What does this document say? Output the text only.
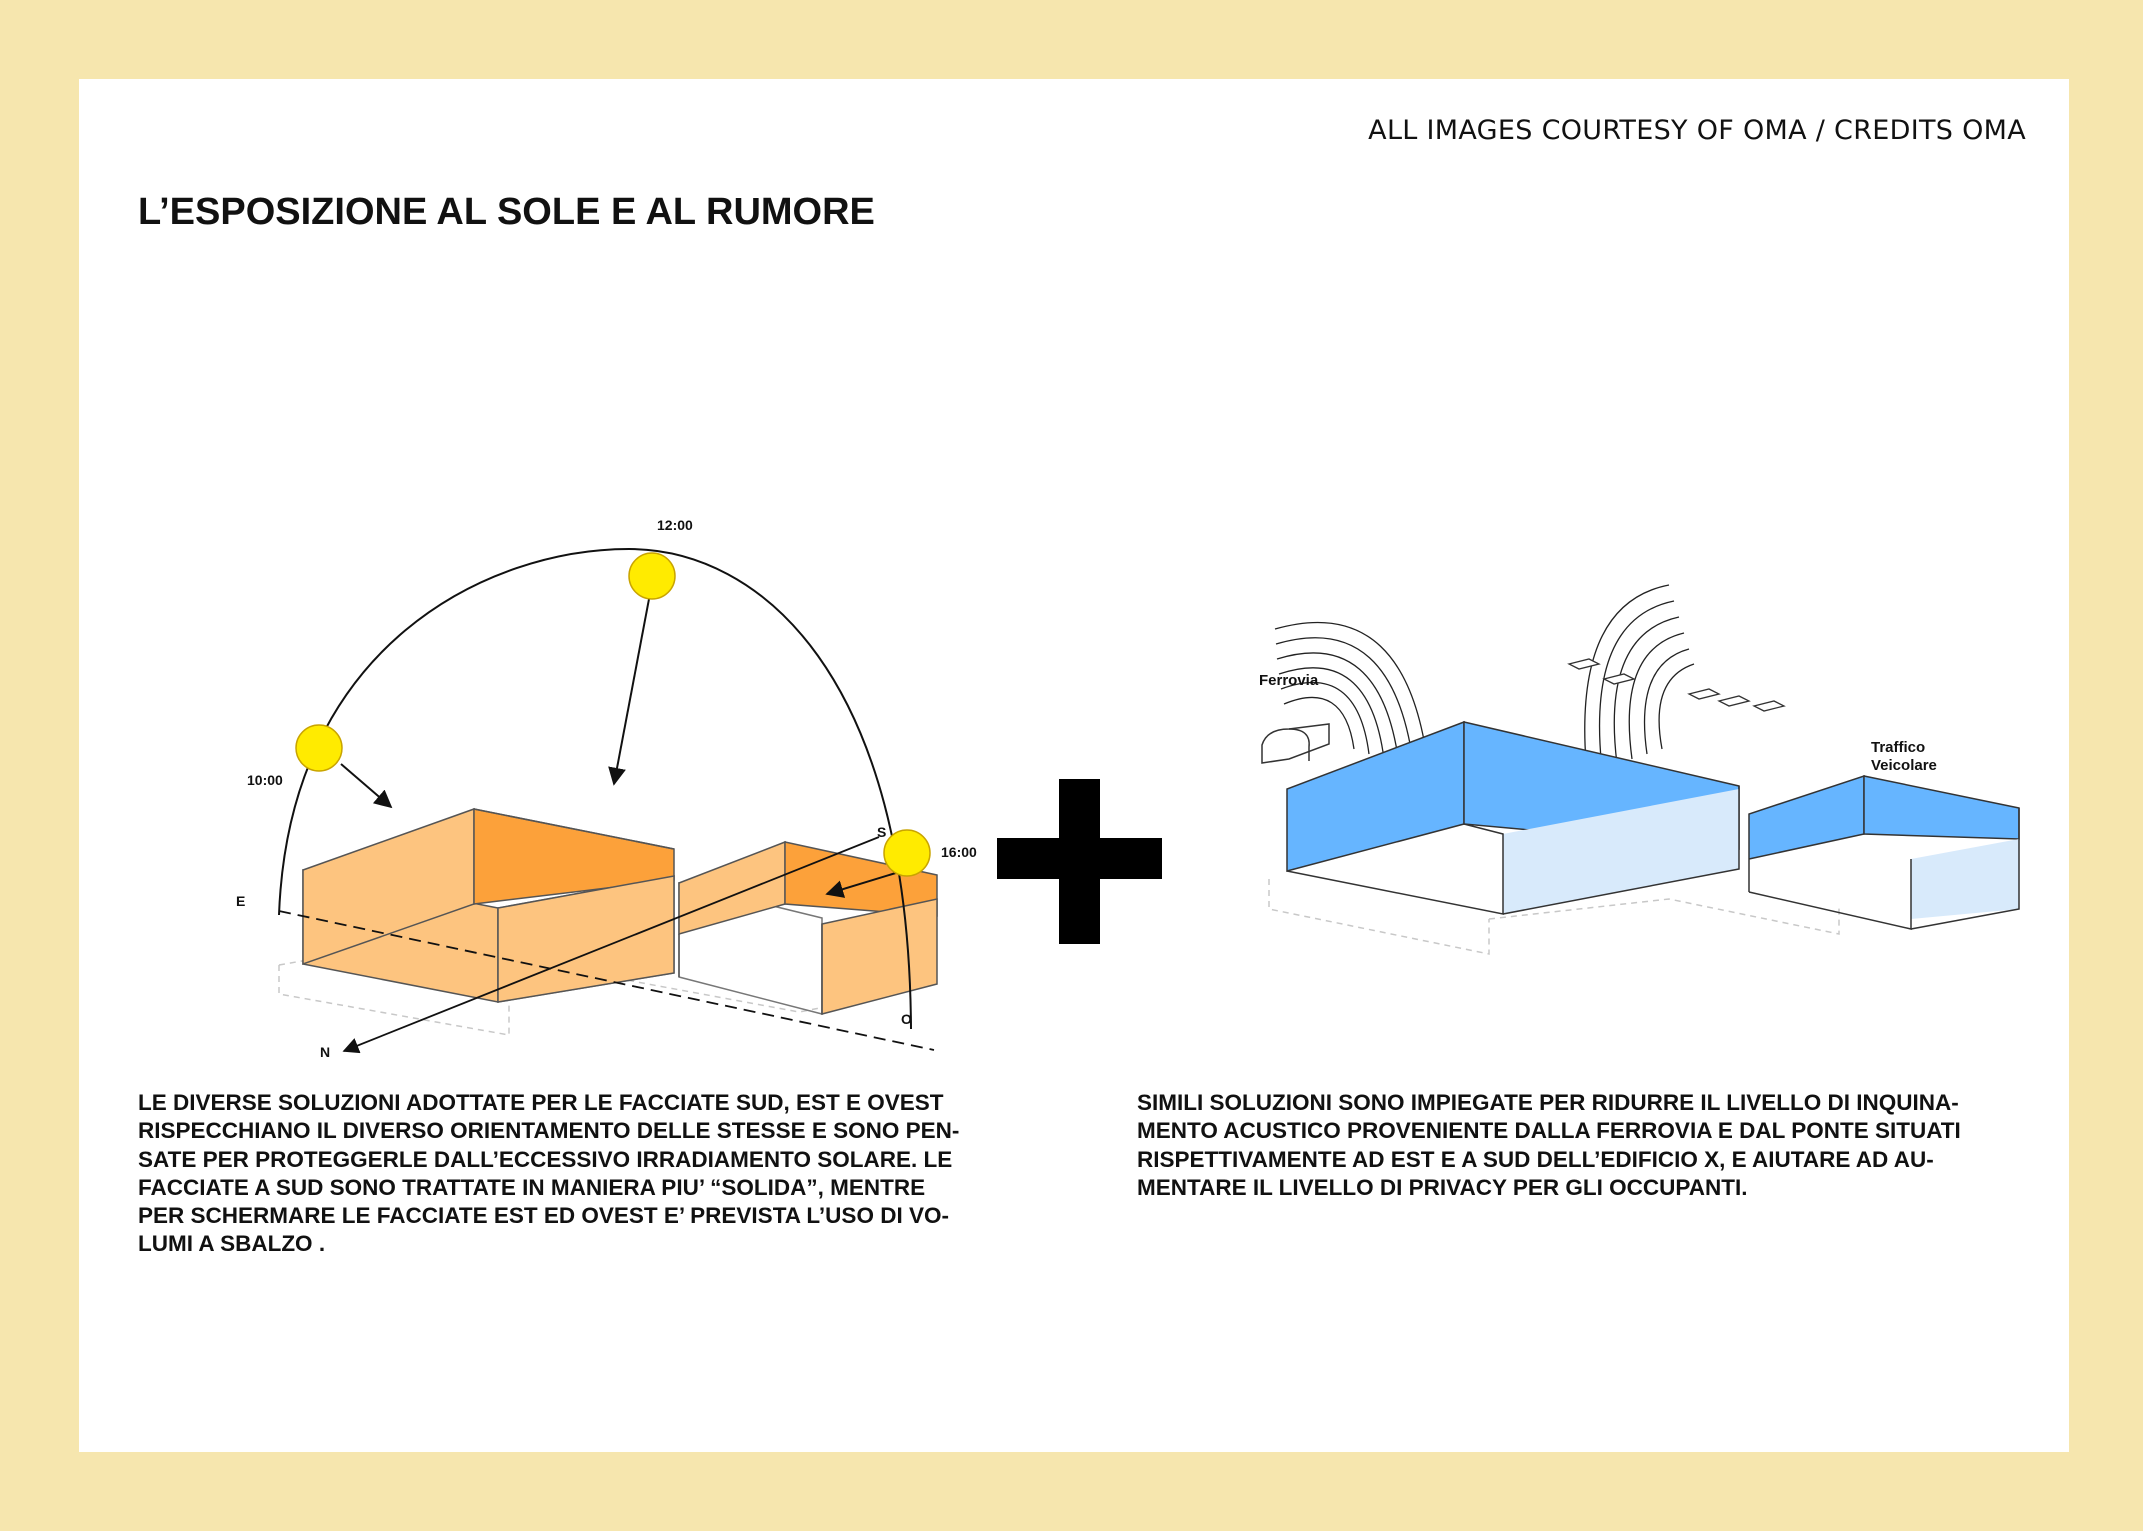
ALL IMAGES COURTESY OF OMA / CREDITS OMA
L’ESPOSIZIONE AL SOLE E AL RUMORE
10:00
12:00
16:00
E
S
N
O
Ferrovia
Traffico
Veicolare

LE DIVERSE SOLUZIONI ADOTTATE PER LE FACCIATE SUD, EST E OVEST
RISPECCHIANO IL DIVERSO ORIENTAMENTO DELLE STESSE E SONO PEN-
SATE PER PROTEGGERLE DALL’ECCESSIVO IRRADIAMENTO SOLARE. LE
FACCIATE A SUD SONO TRATTATE IN MANIERA PIU’ “SOLIDA”, MENTRE
PER SCHERMARE LE FACCIATE EST ED OVEST E’ PREVISTA L’USO DI VO-
LUMI A SBALZO .

SIMILI SOLUZIONI SONO IMPIEGATE PER RIDURRE IL LIVELLO DI INQUINA-
MENTO ACUSTICO PROVENIENTE DALLA FERROVIA E DAL PONTE SITUATI
RISPETTIVAMENTE AD EST E A SUD DELL’EDIFICIO X, E AIUTARE AD AU-
MENTARE IL LIVELLO DI PRIVACY PER GLI OCCUPANTI.
